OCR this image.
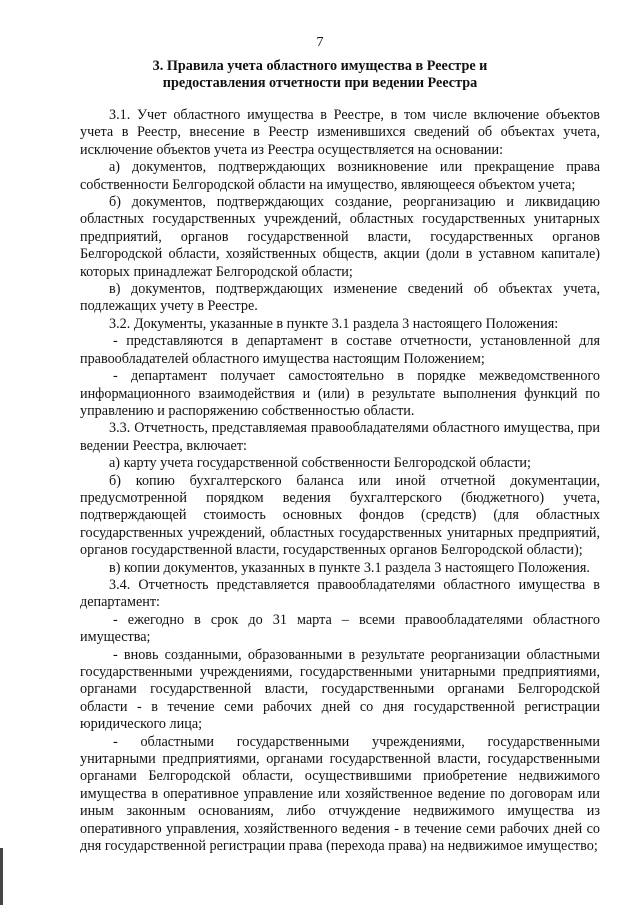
7
3. Правила учета областного имущества в Реестре и предоставления отчетности при ведении Реестра

3.1. Учет областного имущества в Реестре, в том числе включение объектов учета в Реестр, внесение в Реестр изменившихся сведений об объектах учета, исключение объектов учета из Реестра осуществляется на основании:

а) документов, подтверждающих возникновение или прекращение права собственности Белгородской области на имущество, являющееся объектом учета;

б) документов, подтверждающих создание, реорганизацию и ликвидацию областных государственных учреждений, областных государственных унитарных предприятий, органов государственной власти, государственных органов Белгородской области, хозяйственных обществ, акции (доли в уставном капитале) которых принадлежат Белгородской области;

в) документов, подтверждающих изменение сведений об объектах учета, подлежащих учету в Реестре.

3.2. Документы, указанные в пункте 3.1 раздела 3 настоящего Положения:

- представляются в департамент в составе отчетности, установленной для правообладателей областного имущества настоящим Положением;

- департамент получает самостоятельно в порядке межведомственного информационного взаимодействия и (или) в результате выполнения функций по управлению и распоряжению собственностью области.

3.3. Отчетность, представляемая правообладателями областного имущества, при ведении Реестра, включает:

а) карту учета государственной собственности Белгородской области;

б) копию бухгалтерского баланса или иной отчетной документации, предусмотренной порядком ведения бухгалтерского (бюджетного) учета, подтверждающей стоимость основных фондов (средств) (для областных государственных учреждений, областных государственных унитарных предприятий, органов государственной власти, государственных органов Белгородской области);

в) копии документов, указанных в пункте 3.1 раздела 3 настоящего Положения.

3.4. Отчетность представляется правообладателями областного имущества в департамент:

- ежегодно в срок до 31 марта – всеми правообладателями областного имущества;

- вновь созданными, образованными в результате реорганизации областными государственными учреждениями, государственными унитарными предприятиями, органами государственной власти, государственными органами Белгородской области - в течение семи рабочих дней со дня государственной регистрации юридического лица;

- областными государственными учреждениями, государственными унитарными предприятиями, органами государственной власти, государственными органами Белгородской области, осуществившими приобретение недвижимого имущества в оперативное управление или хозяйственное ведение по договорам или иным законным основаниям, либо отчуждение недвижимого имущества из оперативного управления, хозяйственного ведения - в течение семи рабочих дней со дня государственной регистрации права (перехода права) на недвижимое имущество;
